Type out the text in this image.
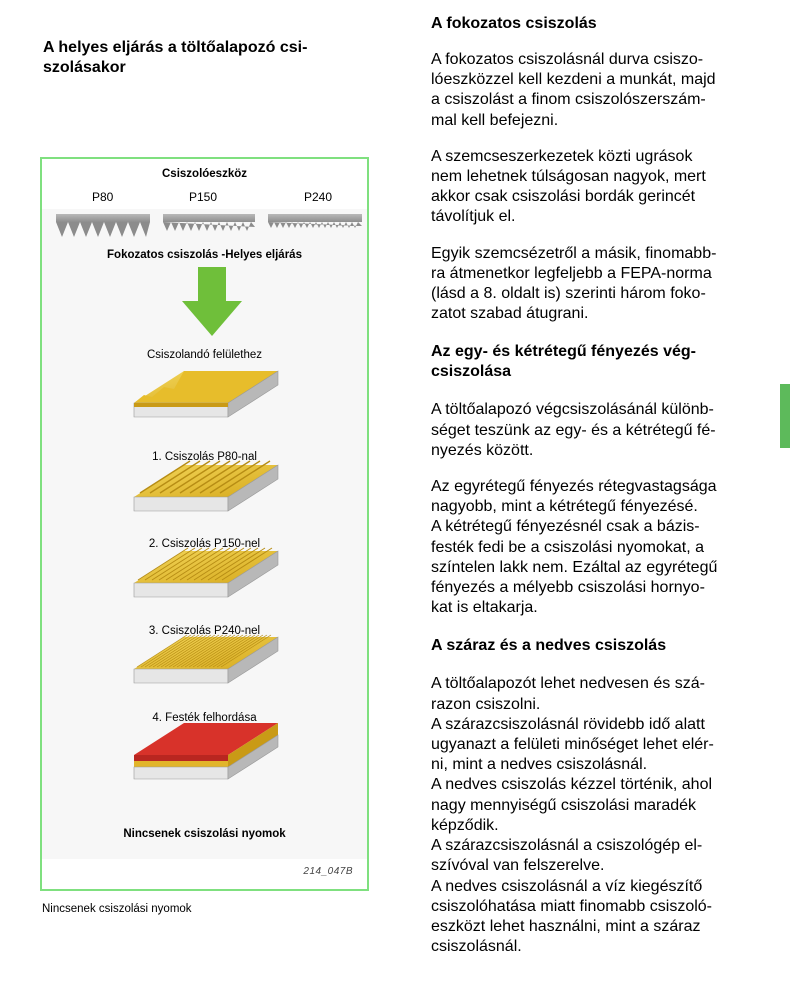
A helyes eljárás a töltőalapozó csi-
szolásakor
Csiszolóeszköz
P80	P150	P240
Fokozatos csiszolás -Helyes eljárás
Csiszolandó felülethez
1. Csiszolás P80-nal
2. Csiszolás P150-nel
3. Csiszolás P240-nel
4. Festék felhordása
Nincsenek csiszolási nyomok
214_047B
Nincsenek csiszolási nyomok
A fokozatos csiszolás

A fokozatos csiszolásnál durva csiszo-
lóeszközzel kell kezdeni a munkát, majd
a csiszolást a finom csiszolószerszám-
mal kell befejezni.

A szemcseszerkezetek közti ugrások
nem lehetnek túlságosan nagyok, mert
akkor csak csiszolási bordák gerincét
távolítjuk el.

Egyik szemcsézetről a másik, finomabb-
ra átmenetkor legfeljebb a FEPA-norma
(lásd a 8. oldalt is) szerinti három foko-
zatot szabad átugrani.

Az egy- és kétrétegű fényezés vég-
csiszolása

A töltőalapozó végcsiszolásánál különb-
séget teszünk az egy- és a kétrétegű fé-
nyezés között.

Az egyrétegű fényezés rétegvastagsága
nagyobb, mint a kétrétegű fényezésé.
A kétrétegű fényezésnél csak a bázis-
festék fedi be a csiszolási nyomokat, a
színtelen lakk nem. Ezáltal az egyrétegű
fényezés a mélyebb csiszolási hornyo-
kat is eltakarja.

A száraz és a nedves csiszolás

A töltőalapozót lehet nedvesen és szá-
razon csiszolni.
A szárazcsiszolásnál rövidebb idő alatt
ugyanazt a felületi minőséget lehet elér-
ni, mint a nedves csiszolásnál.
A nedves csiszolás kézzel történik, ahol
nagy mennyiségű csiszolási maradék
képződik.
A szárazcsiszolásnál a csiszológép el-
szívóval van felszerelve.
A nedves csiszolásnál a víz kiegészítő
csiszolóhatása miatt finomabb csiszoló-
eszközt lehet használni, mint a száraz
csiszolásnál.
